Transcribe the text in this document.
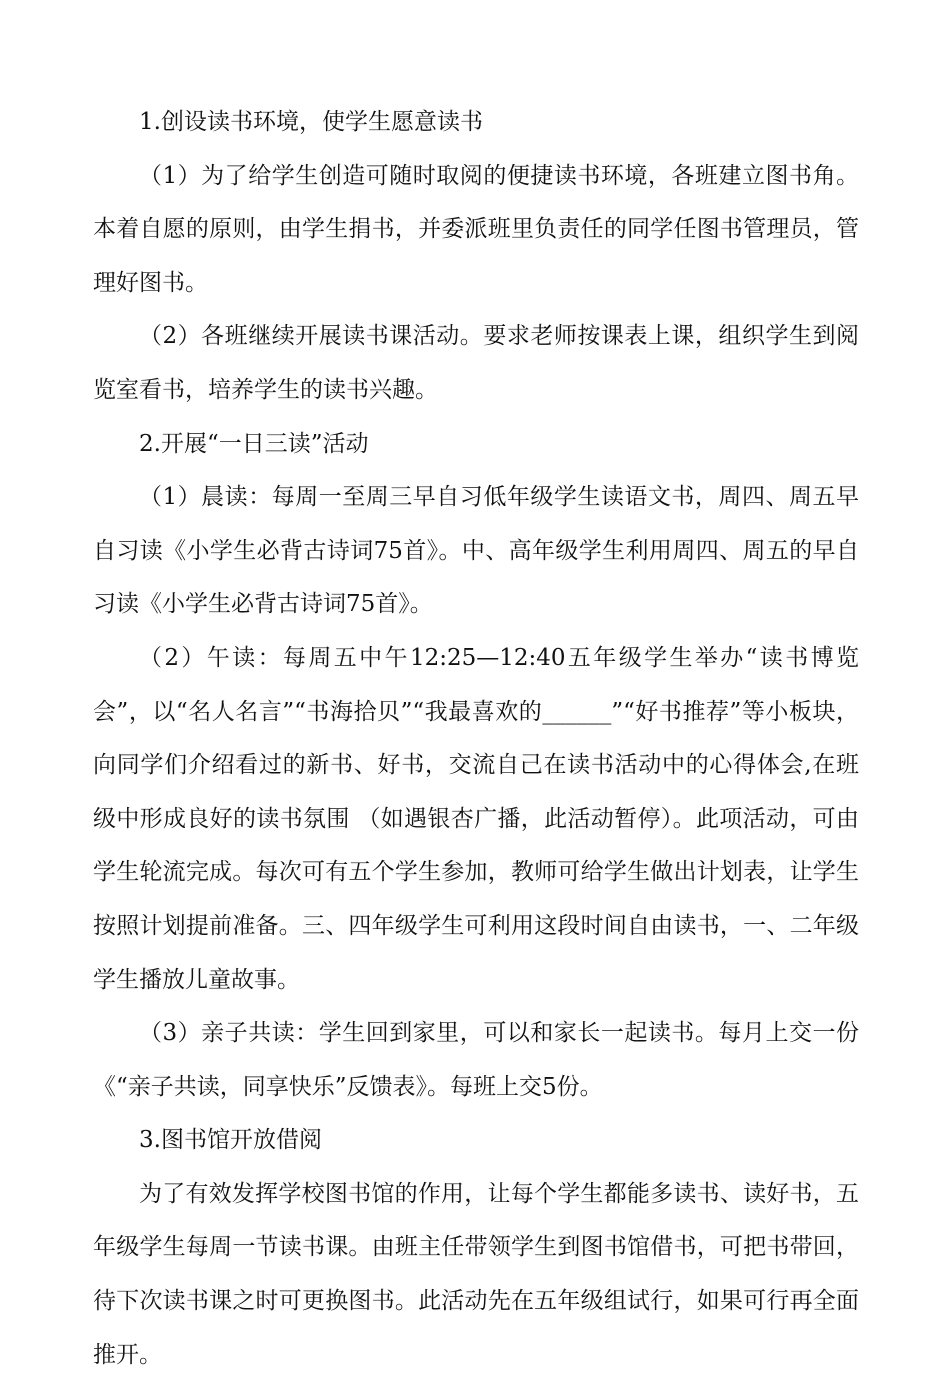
1.创设读书环境，使学生愿意读书

（1）为了给学生创造可随时取阅的便捷读书环境，各班建立图书角。本着自愿的原则，由学生捐书，并委派班里负责任的同学任图书管理员，管理好图书。

（2）各班继续开展读书课活动。要求老师按课表上课，组织学生到阅览室看书，培养学生的读书兴趣。

2.开展“一日三读”活动

（1）晨读：每周一至周三早自习低年级学生读语文书，周四、周五早自习读《小学生必背古诗词75首》。中、高年级学生利用周四、周五的早自习读《小学生必背古诗词75首》。

（2）午读：每周五中午12:25—12:40五年级学生举办“读书博览会”，以“名人名言”“书海拾贝”“我最喜欢的______”“好书推荐”等小板块，向同学们介绍看过的新书、好书，交流自己在读书活动中的心得体会,在班级中形成良好的读书氛围 （如遇银杏广播，此活动暂停）。此项活动，可由学生轮流完成。每次可有五个学生参加，教师可给学生做出计划表，让学生按照计划提前准备。三、四年级学生可利用这段时间自由读书，一、二年级学生播放儿童故事。

（3）亲子共读：学生回到家里，可以和家长一起读书。每月上交一份《“亲子共读，同享快乐”反馈表》。每班上交5份。

3.图书馆开放借阅

为了有效发挥学校图书馆的作用，让每个学生都能多读书、读好书，五年级学生每周一节读书课。由班主任带领学生到图书馆借书，可把书带回，待下次读书课之时可更换图书。此活动先在五年级组试行，如果可行再全面推开。
